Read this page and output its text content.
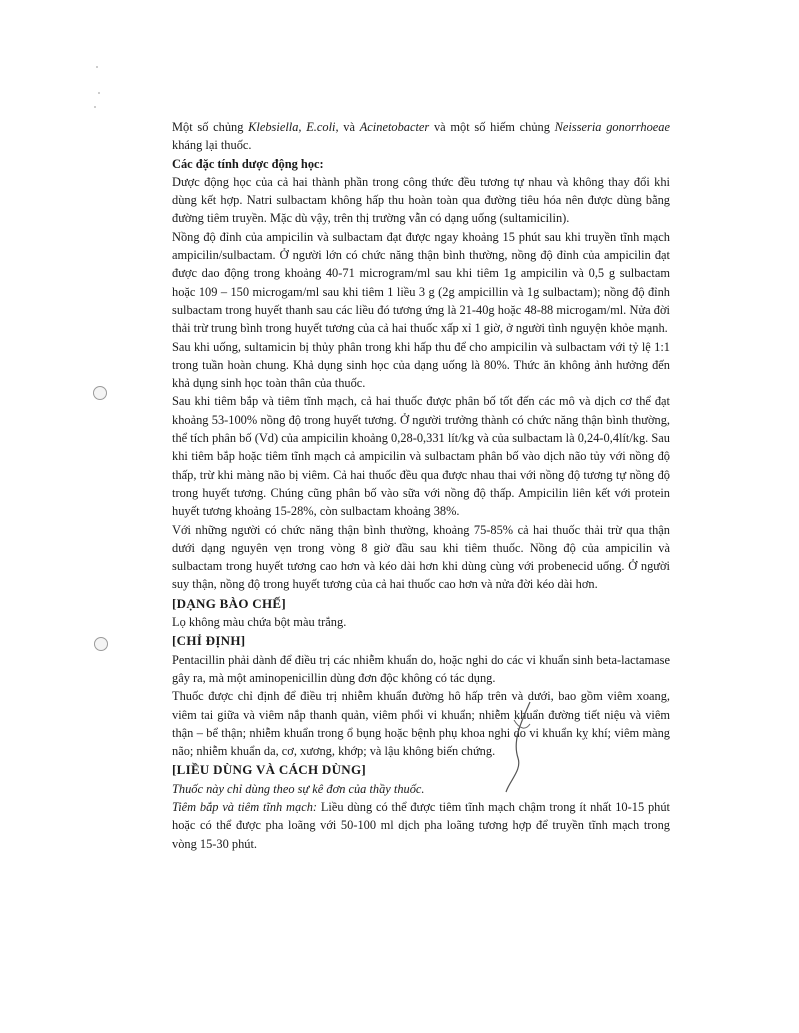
Một số chủng Klebsiella, E.coli, và Acinetobacter và một số hiếm chủng Neisseria gonorrhoeae kháng lại thuốc.

Các đặc tính dược động học:

Dược động học của cả hai thành phần trong công thức đều tương tự nhau và không thay đổi khi dùng kết hợp. Natri sulbactam không hấp thu hoàn toàn qua đường tiêu hóa nên được dùng bằng đường tiêm truyền. Mặc dù vậy, trên thị trường vẫn có dạng uống (sultamicilin).

Nồng độ đỉnh của ampicilin và sulbactam đạt được ngay khoảng 15 phút sau khi truyền tĩnh mạch ampicilin/sulbactam. Ở người lớn có chức năng thận bình thường, nồng độ đỉnh của ampicilin đạt được dao động trong khoảng 40-71 microgram/ml sau khi tiêm 1g ampicilin và 0,5 g sulbactam hoặc 109 – 150 microgam/ml sau khi tiêm 1 liều 3 g (2g ampicillin và 1g sulbactam); nồng độ đỉnh sulbactam trong huyết thanh sau các liều đó tương ứng là 21-40g hoặc 48-88 microgam/ml. Nửa đời thải trừ trung bình trong huyết tương của cả hai thuốc xấp xỉ 1 giờ, ở người tình nguyện khỏe mạnh.

Sau khi uống, sultamicin bị thủy phân trong khi hấp thu để cho ampicilin và sulbactam với tỷ lệ 1:1 trong tuần hoàn chung. Khả dụng sinh học của dạng uống là 80%. Thức ăn không ảnh hưởng đến khả dụng sinh học toàn thân của thuốc.

Sau khi tiêm bắp và tiêm tĩnh mạch, cả hai thuốc được phân bố tốt đến các mô và dịch cơ thể đạt khoảng 53-100% nồng độ trong huyết tương. Ở người trưởng thành có chức năng thận bình thường, thể tích phân bố (Vd) của ampicilin khoảng 0,28-0,331 lít/kg và của sulbactam là 0,24-0,4lít/kg. Sau khi tiêm bắp hoặc tiêm tĩnh mạch cả ampicilin và sulbactam phân bố vào dịch não tủy với nồng độ thấp, trừ khi màng não bị viêm. Cả hai thuốc đều qua được nhau thai với nồng độ tương tự nồng độ trong huyết tương. Chúng cũng phân bố vào sữa với nồng độ thấp. Ampicilin liên kết với protein huyết tương khoảng 15-28%, còn sulbactam khoảng 38%.

Với những người có chức năng thận bình thường, khoảng 75-85% cả hai thuốc thải trừ qua thận dưới dạng nguyên vẹn trong vòng 8 giờ đầu sau khi tiêm thuốc. Nồng độ của ampicilin và sulbactam trong huyết tương cao hơn và kéo dài hơn khi dùng cùng với probenecid uống. Ở người suy thận, nồng độ trong huyết tương của cả hai thuốc cao hơn và nửa đời kéo dài hơn.

[DẠNG BÀO CHẾ]

Lọ không màu chứa bột màu trắng.

[CHỈ ĐỊNH]

Pentacillin phải dành để điều trị các nhiễm khuẩn do, hoặc nghi do các vi khuẩn sinh beta-lactamase gây ra, mà một aminopenicillin dùng đơn độc không có tác dụng.

Thuốc được chỉ định để điều trị nhiễm khuẩn đường hô hấp trên và dưới, bao gồm viêm xoang, viêm tai giữa và viêm nắp thanh quản, viêm phổi vi khuẩn; nhiễm khuẩn đường tiết niệu và viêm thận – bể thận; nhiễm khuẩn trong ổ bụng hoặc bệnh phụ khoa nghi do vi khuẩn kỵ khí; viêm màng não; nhiễm khuẩn da, cơ, xương, khớp; và lậu không biến chứng.

[LIỀU DÙNG VÀ CÁCH DÙNG]

Thuốc này chỉ dùng theo sự kê đơn của thầy thuốc.

Tiêm bắp và tiêm tĩnh mạch: Liều dùng có thể được tiêm tĩnh mạch chậm trong ít nhất 10-15 phút hoặc có thể được pha loãng với 50-100 ml dịch pha loãng tương hợp để truyền tĩnh mạch trong vòng 15-30 phút.
